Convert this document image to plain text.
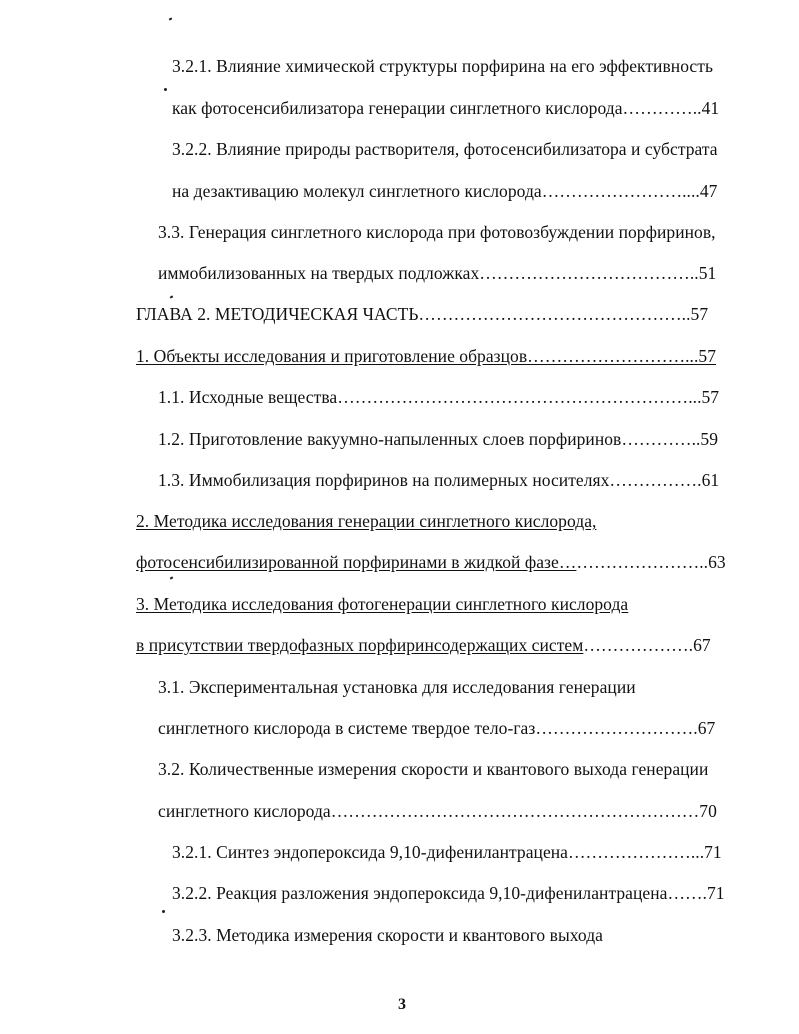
3.2.1. Влияние химической структуры порфирина на его эффективность
как фотосенсибилизатора генерации синглетного кислорода…………..41
3.2.2. Влияние природы растворителя, фотосенсибилизатора и субстрата
на дезактивацию молекул синглетного кислорода……………………....47
3.3. Генерация синглетного кислорода при фотовозбуждении порфиринов,
иммобилизованных на твердых подложках………………………………..51
ГЛАВА 2. МЕТОДИЧЕСКАЯ ЧАСТЬ………………………………………..57
1. Объекты исследования и приготовление образцов………………………...57
1.1. Исходные вещества……………………………………………………...57
1.2. Приготовление вакуумно-напыленных слоев порфиринов…………..59
1.3. Иммобилизация порфиринов на полимерных носителях…………….61
2. Методика исследования генерации синглетного кислорода,
фотосенсибилизированной порфиринами в жидкой фазе……………………..63
3. Методика исследования фотогенерации синглетного кислорода
в присутствии твердофазных порфиринсодержащих систем……………….67
3.1. Экспериментальная установка для исследования генерации
синглетного кислорода в системе твердое тело-газ……………………….67
3.2. Количественные измерения скорости и квантового выхода генерации
синглетного кислорода………………………………………………………70
3.2.1. Синтез эндопероксида 9,10-дифенилантрацена…………………...71
3.2.2. Реакция разложения эндопероксида 9,10-дифенилантрацена…….71
3.2.3. Методика измерения скорости и квантового выхода
3
